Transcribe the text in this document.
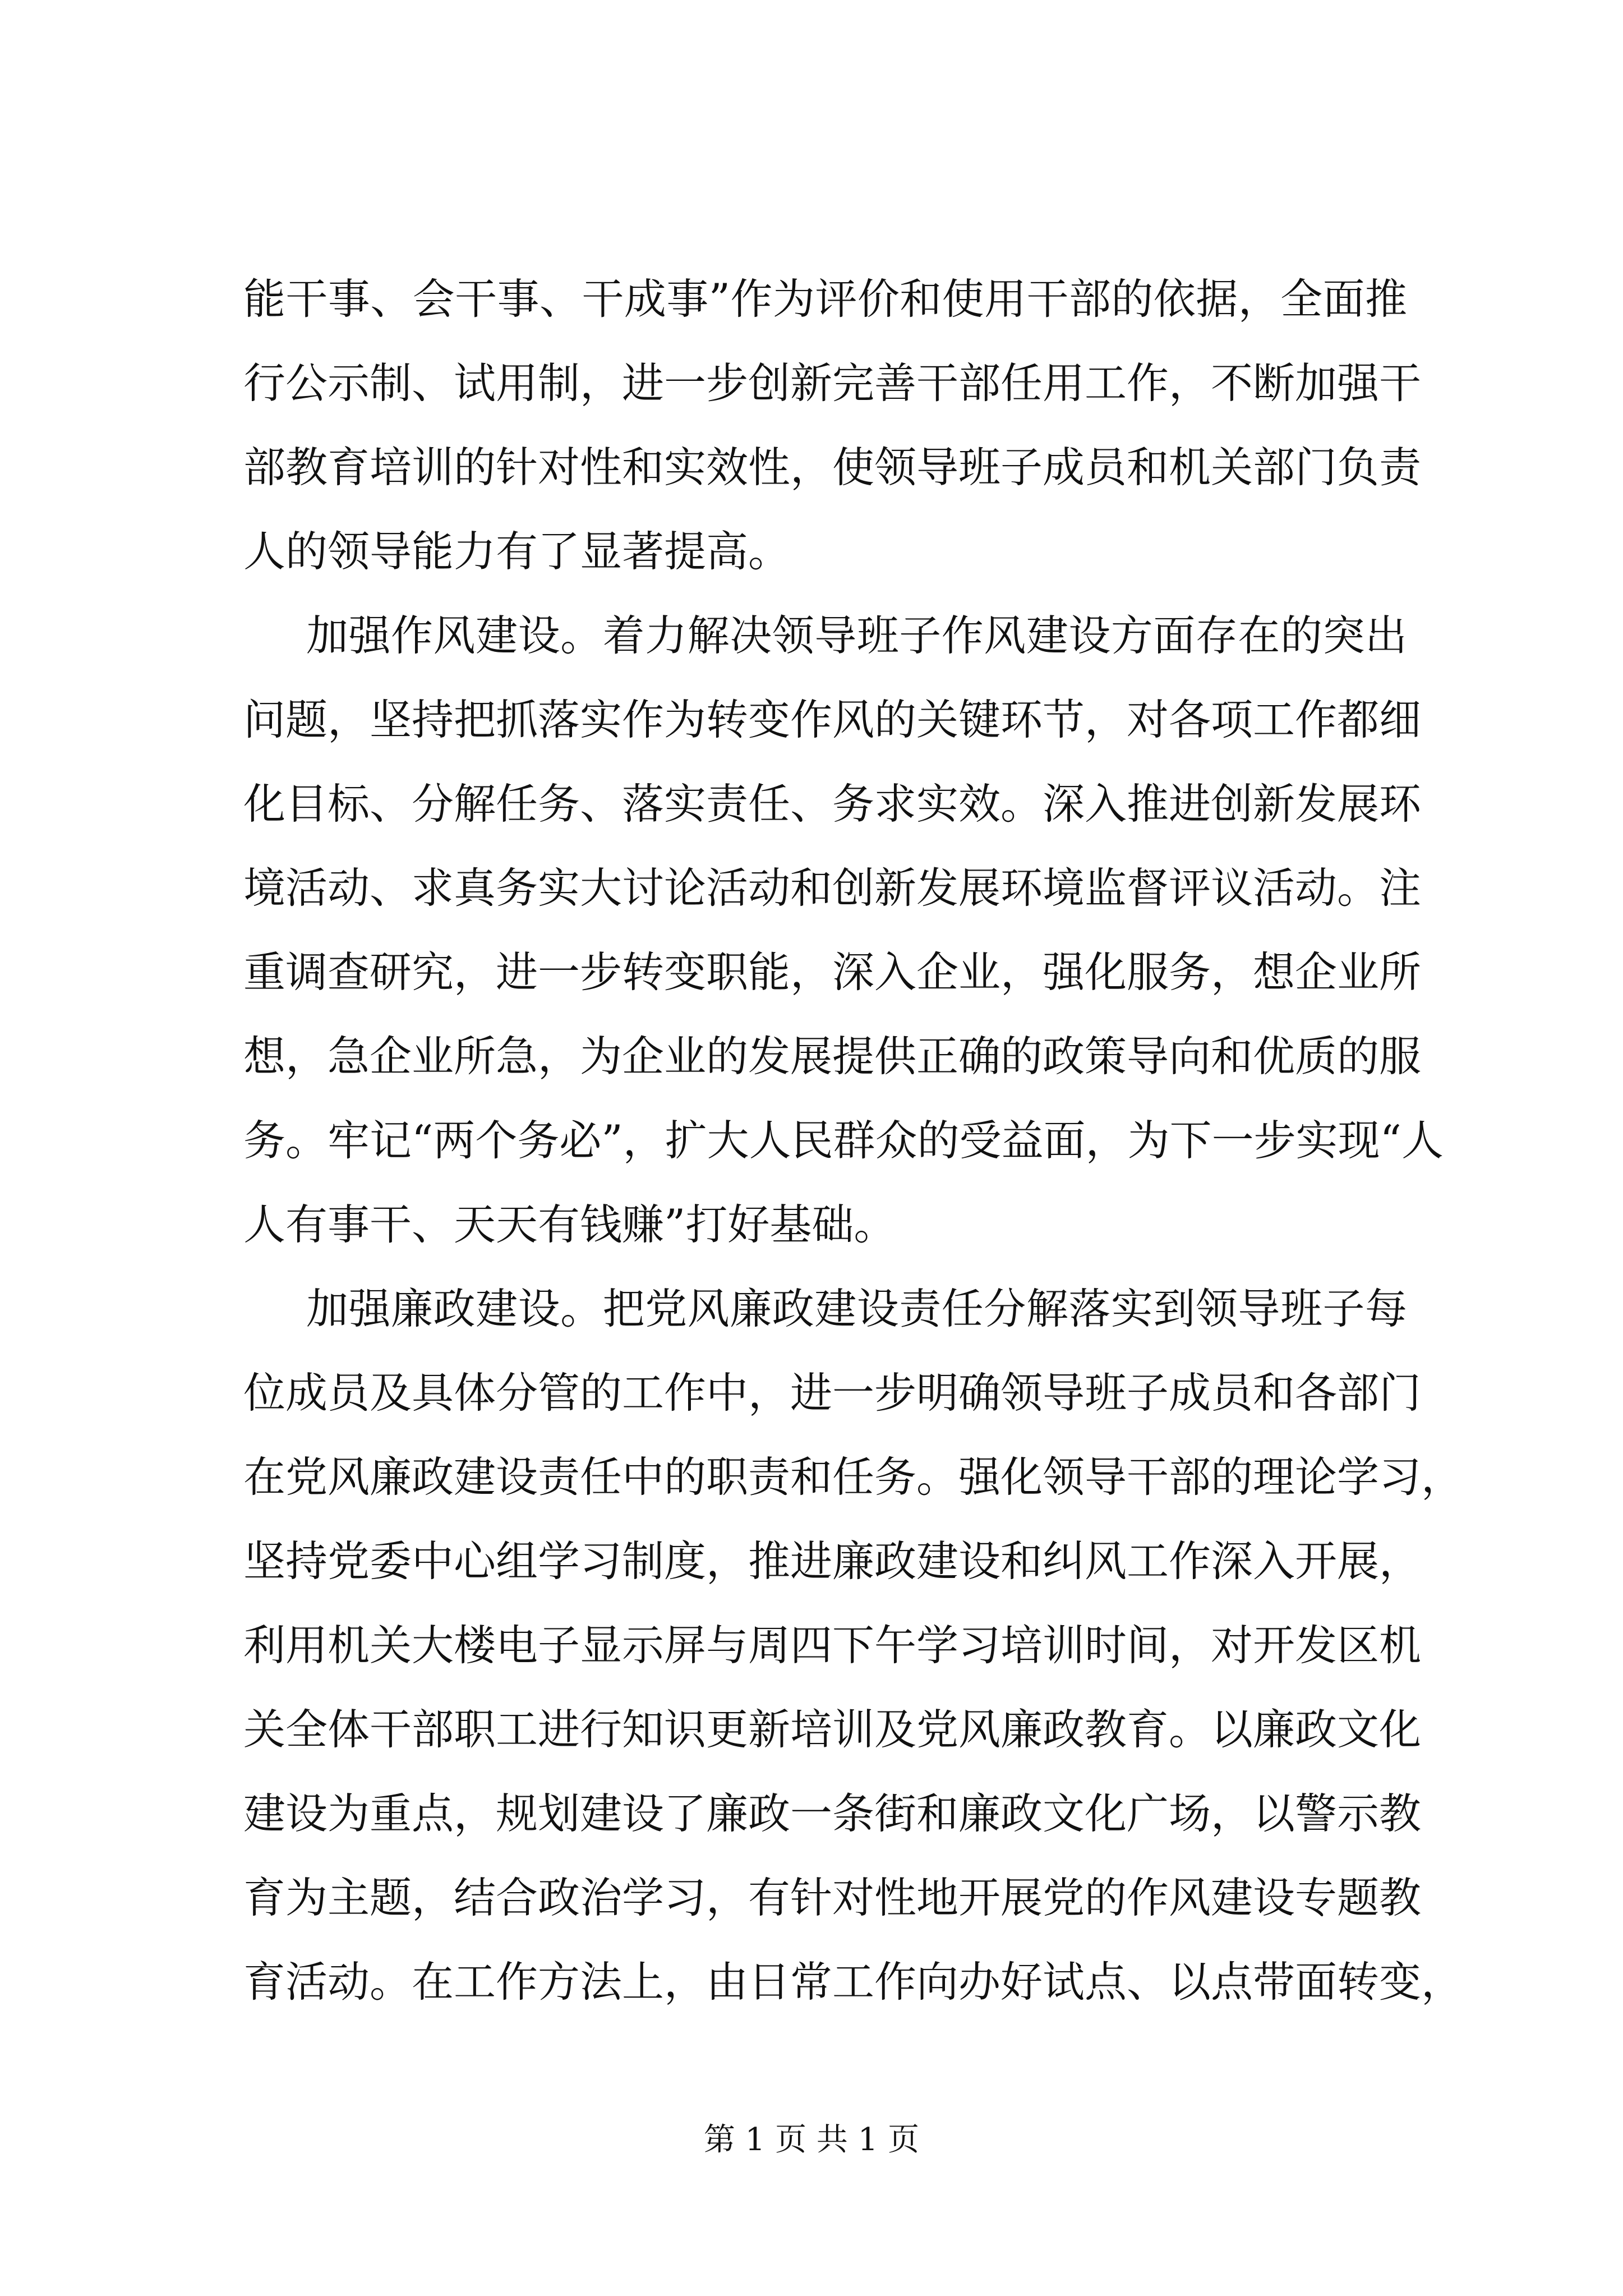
能干事、会干事、干成事”作为评价和使用干部的依据，全面推
行公示制、试用制，进一步创新完善干部任用工作，不断加强干
部教育培训的针对性和实效性，使领导班子成员和机关部门负责
人的领导能力有了显著提高。
加强作风建设。着力解决领导班子作风建设方面存在的突出
问题，坚持把抓落实作为转变作风的关键环节，对各项工作都细
化目标、分解任务、落实责任、务求实效。深入推进创新发展环
境活动、求真务实大讨论活动和创新发展环境监督评议活动。注
重调查研究，进一步转变职能，深入企业，强化服务，想企业所
想，急企业所急，为企业的发展提供正确的政策导向和优质的服
务。牢记“两个务必”，扩大人民群众的受益面，为下一步实现“人
人有事干、天天有钱赚”打好基础。
加强廉政建设。把党风廉政建设责任分解落实到领导班子每
位成员及具体分管的工作中，进一步明确领导班子成员和各部门
在党风廉政建设责任中的职责和任务。强化领导干部的理论学习，
坚持党委中心组学习制度，推进廉政建设和纠风工作深入开展，
利用机关大楼电子显示屏与周四下午学习培训时间，对开发区机
关全体干部职工进行知识更新培训及党风廉政教育。以廉政文化
建设为重点，规划建设了廉政一条街和廉政文化广场，以警示教
育为主题，结合政治学习，有针对性地开展党的作风建设专题教
育活动。在工作方法上，由日常工作向办好试点、以点带面转变，
第 1 页 共 1 页
